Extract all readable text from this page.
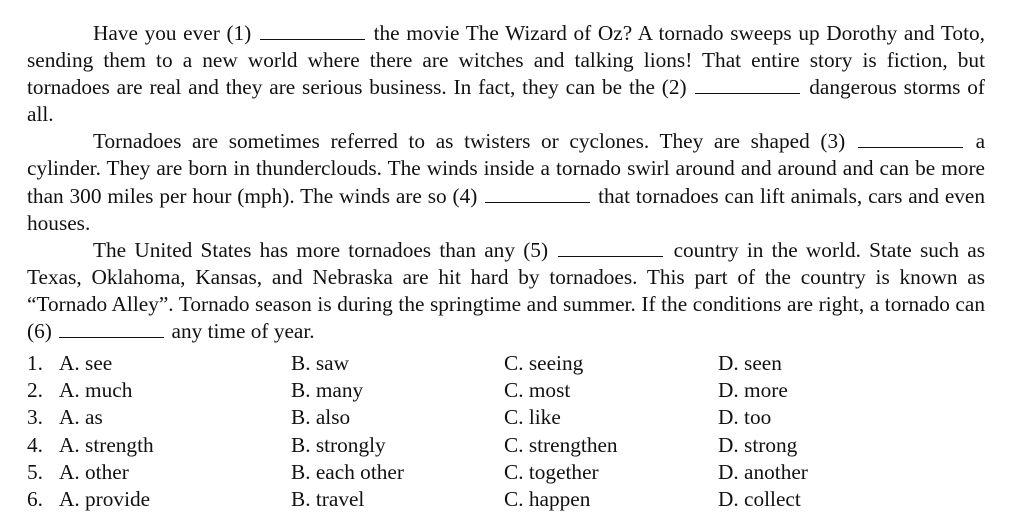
Have you ever (1)	the movie The Wizard of Oz? A tornado sweeps up Dorothy and Toto, sending them to a new world where there are witches and talking lions! That entire story is fiction, but tornadoes are real and they are serious business. In fact, they can be the (2)	dangerous storms of all.

Tornadoes are sometimes referred to as twisters or cyclones. They are shaped (3)	a cylinder. They are born in thunderclouds. The winds inside a tornado swirl around and around and can be more than 300 miles per hour (mph). The winds are so (4)	that tornadoes can lift animals, cars and even houses.

The United States has more tornadoes than any (5)	country in the world. State such as Texas, Oklahoma, Kansas, and Nebraska are hit hard by tornadoes. This part of the country is known as “Tornado Alley”. Tornado season is during the springtime and summer. If the conditions are right, a tornado can (6)	any time of year.

1. A. see	B. saw	C. seeing	D. seen
2. A. much	B. many	C. most	D. more
3. A. as	B. also	C. like	D. too
4. A. strength	B. strongly	C. strengthen	D. strong
5. A. other	B. each other	C. together	D. another
6. A. provide	B. travel	C. happen	D. collect
